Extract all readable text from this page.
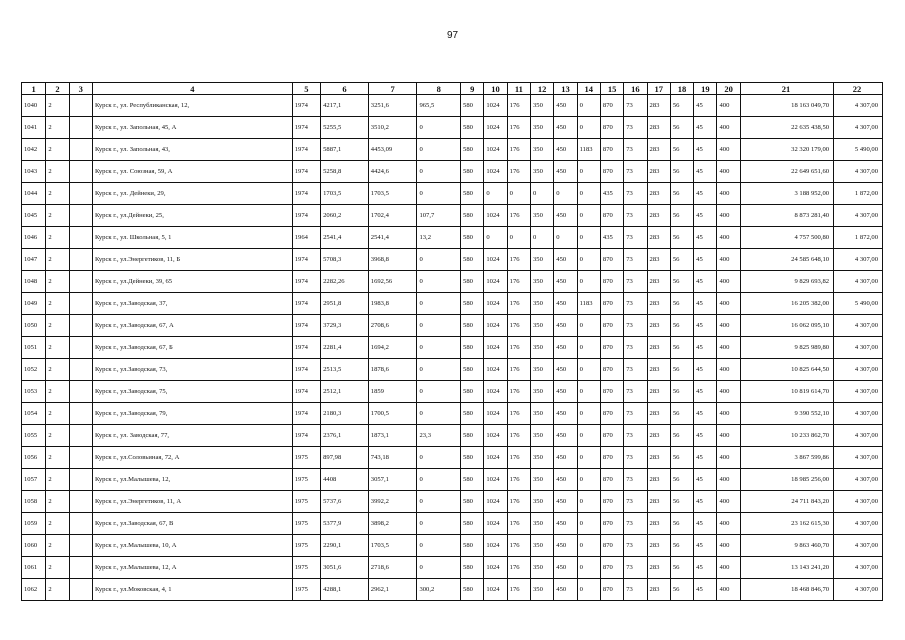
97
1	2	3	4	5	6	7	8	9	10	11	12	13	14	15	16	17	18	19	20	21	22
1040	2		Курск г., ул. Республиканская, 12,	1974	4217,1	3251,6	965,5	580	1024	176	350	450	0	870	73	283	56	45	400	18 163 049,70	4 307,00
1041	2		Курск г., ул. Запольная, 45, А	1974	5255,5	3510,2	0	580	1024	176	350	450	0	870	73	283	56	45	400	22 635 438,50	4 307,00
1042	2		Курск г., ул. Запольная, 43,	1974	5887,1	4453,09	0	580	1024	176	350	450	1183	870	73	283	56	45	400	32 320 179,00	5 490,00
1043	2		Курск г., ул. Союзная, 59, А	1974	5258,8	4424,6	0	580	1024	176	350	450	0	870	73	283	56	45	400	22 649 651,60	4 307,00
1044	2		Курск г., ул. Дейнеки, 29,	1974	1703,5	1703,5	0	580	0	0	0	0	0	435	73	283	56	45	400	3 188 952,00	1 872,00
1045	2		Курск г., ул.Дейнеки, 25,	1974	2060,2	1702,4	107,7	580	1024	176	350	450	0	870	73	283	56	45	400	8 873 281,40	4 307,00
1046	2		Курск г., ул. Школьная, 5, 1	1964	2541,4	2541,4	13,2	580	0	0	0	0	0	435	73	283	56	45	400	4 757 500,80	1 872,00
1047	2		Курск г., ул.Энергетиков, 11, Б	1974	5708,3	3968,8	0	580	1024	176	350	450	0	870	73	283	56	45	400	24 585 648,10	4 307,00
1048	2		Курск г., ул.Дейнеки, 39, 65	1974	2282,26	1692,56	0	580	1024	176	350	450	0	870	73	283	56	45	400	9 829 693,82	4 307,00
1049	2		Курск г., ул.Заводская, 37,	1974	2951,8	1983,8	0	580	1024	176	350	450	1183	870	73	283	56	45	400	16 205 382,00	5 490,00
1050	2		Курск г., ул.Заводская, 67, А	1974	3729,3	2708,6	0	580	1024	176	350	450	0	870	73	283	56	45	400	16 062 095,10	4 307,00
1051	2		Курск г., ул.Заводская, 67, Б	1974	2281,4	1694,2	0	580	1024	176	350	450	0	870	73	283	56	45	400	9 825 989,80	4 307,00
1052	2		Курск г., ул.Заводская, 73,	1974	2513,5	1878,6	0	580	1024	176	350	450	0	870	73	283	56	45	400	10 825 644,50	4 307,00
1053	2		Курск г., ул.Заводская, 75,	1974	2512,1	1859	0	580	1024	176	350	450	0	870	73	283	56	45	400	10 819 614,70	4 307,00
1054	2		Курск г., ул.Заводская, 79,	1974	2180,3	1700,5	0	580	1024	176	350	450	0	870	73	283	56	45	400	9 390 552,10	4 307,00
1055	2		Курск г., ул. Заводская, 77,	1974	2376,1	1873,1	23,3	580	1024	176	350	450	0	870	73	283	56	45	400	10 233 862,70	4 307,00
1056	2		Курск г., ул.Соловьиная, 72, А	1975	897,98	743,18	0	580	1024	176	350	450	0	870	73	283	56	45	400	3 867 599,86	4 307,00
1057	2		Курск г., ул.Малышева, 12,	1975	4408	3057,1	0	580	1024	176	350	450	0	870	73	283	56	45	400	18 985 256,00	4 307,00
1058	2		Курск г., ул.Энергетиков, 11, А	1975	5737,6	3992,2	0	580	1024	176	350	450	0	870	73	283	56	45	400	24 711 843,20	4 307,00
1059	2		Курск г., ул.Заводская, 67, В	1975	5377,9	3898,2	0	580	1024	176	350	450	0	870	73	283	56	45	400	23 162 615,30	4 307,00
1060	2		Курск г., ул.Малышева, 10, А	1975	2290,1	1703,5	0	580	1024	176	350	450	0	870	73	283	56	45	400	9 863 460,70	4 307,00
1061	2		Курск г., ул.Малышева, 12, А	1975	3051,6	2718,6	0	580	1024	176	350	450	0	870	73	283	56	45	400	13 143 241,20	4 307,00
1062	2		Курск г., ул.Моковская, 4, 1	1975	4288,1	2962,1	300,2	580	1024	176	350	450	0	870	73	283	56	45	400	18 468 846,70	4 307,00
